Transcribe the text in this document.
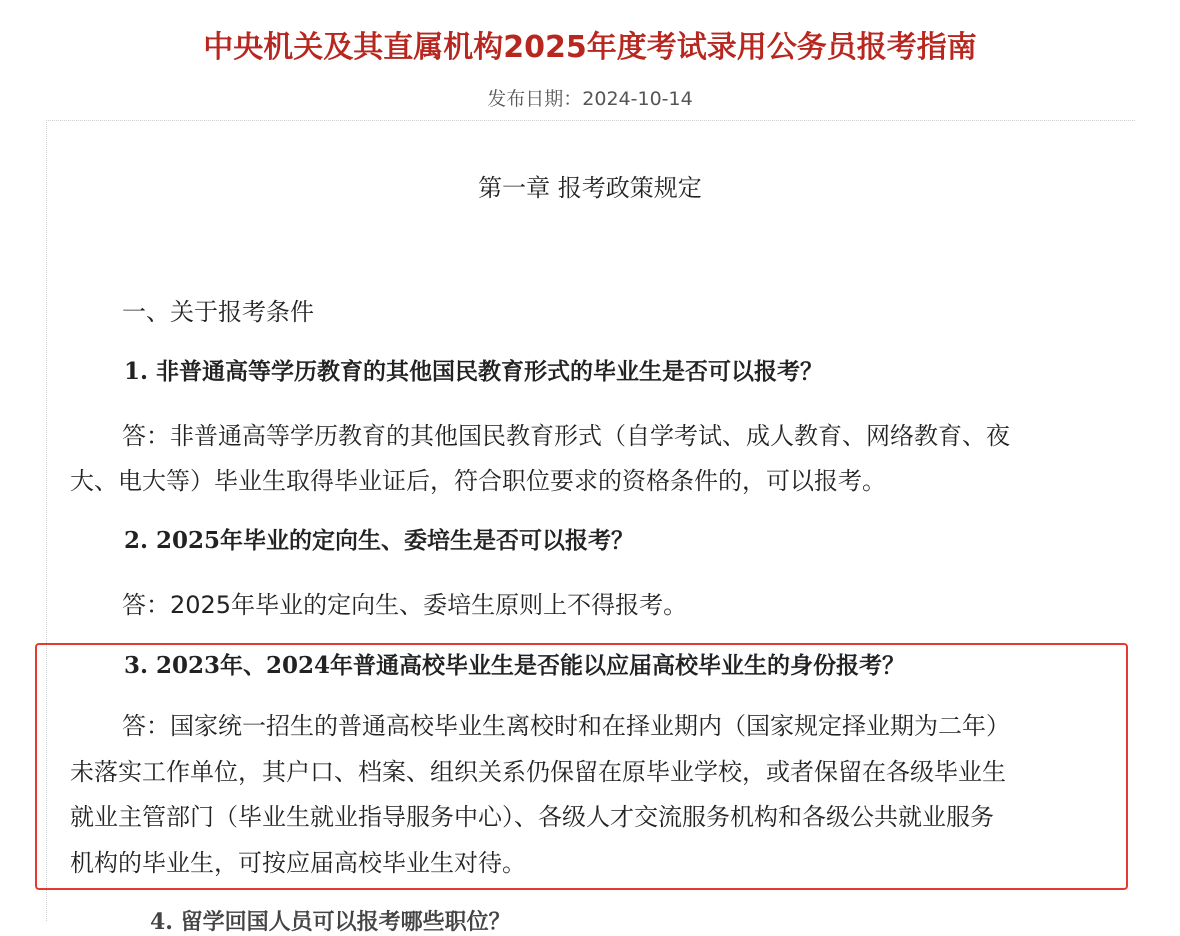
中央机关及其直属机构2025年度考试录用公务员报考指南
发布日期：2024-10-14
第一章 报考政策规定
一、关于报考条件
1. 非普通高等学历教育的其他国民教育形式的毕业生是否可以报考？
答：非普通高等学历教育的其他国民教育形式（自学考试、成人教育、网络教育、夜
大、电大等）毕业生取得毕业证后，符合职位要求的资格条件的，可以报考。
2. 2025年毕业的定向生、委培生是否可以报考？
答：2025年毕业的定向生、委培生原则上不得报考。
3. 2023年、2024年普通高校毕业生是否能以应届高校毕业生的身份报考？
答：国家统一招生的普通高校毕业生离校时和在择业期内（国家规定择业期为二年）
未落实工作单位，其户口、档案、组织关系仍保留在原毕业学校，或者保留在各级毕业生
就业主管部门（毕业生就业指导服务中心）、各级人才交流服务机构和各级公共就业服务
机构的毕业生，可按应届高校毕业生对待。
4. 留学回国人员可以报考哪些职位？
